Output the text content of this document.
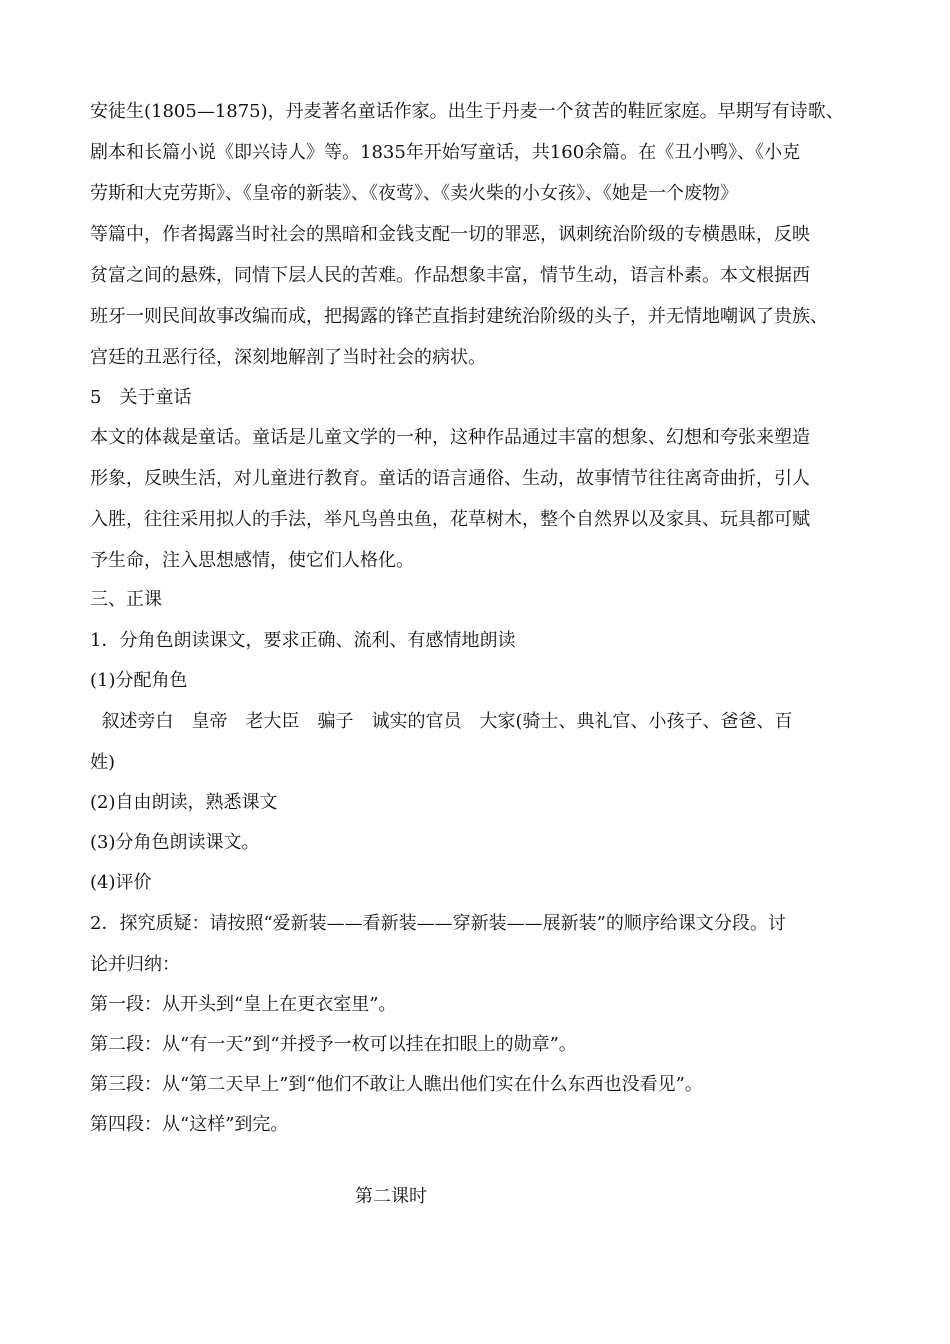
安徒生(1805—1875)，丹麦著名童话作家。出生于丹麦一个贫苦的鞋匠家庭。早期写有诗歌、
剧本和长篇小说《即兴诗人》等。1835年开始写童话，共160余篇。在《丑小鸭》、《小克
劳斯和大克劳斯》、《皇帝的新装》、《夜莺》、《卖火柴的小女孩》、《她是一个废物》
等篇中，作者揭露当时社会的黑暗和金钱支配一切的罪恶，讽刺统治阶级的专横愚昧，反映
贫富之间的悬殊，同情下层人民的苦难。作品想象丰富，情节生动，语言朴素。本文根据西
班牙一则民间故事改编而成，把揭露的锋芒直指封建统治阶级的头子，并无情地嘲讽了贵族、
宫廷的丑恶行径，深刻地解剖了当时社会的病状。
5　关于童话
本文的体裁是童话。童话是儿童文学的一种，这种作品通过丰富的想象、幻想和夸张来塑造
形象，反映生活，对儿童进行教育。童话的语言通俗、生动，故事情节往往离奇曲折，引人
入胜，往往采用拟人的手法，举凡鸟兽虫鱼，花草树木，整个自然界以及家具、玩具都可赋
予生命，注入思想感情，使它们人格化。
三、正课
1．分角色朗读课文，要求正确、流利、有感情地朗读
(1)分配角色
叙述旁白　皇帝　老大臣　骗子　诚实的官员　大家(骑士、典礼官、小孩子、爸爸、百
姓)
(2)自由朗读，熟悉课文
(3)分角色朗读课文。
(4)评价
2．探究质疑：请按照“爱新装——看新装——穿新装——展新装”的顺序给课文分段。讨
论并归纳：
第一段：从开头到“皇上在更衣室里”。
第二段：从“有一天”到“并授予一枚可以挂在扣眼上的勋章”。
第三段：从“第二天早上”到“他们不敢让人瞧出他们实在什么东西也没看见”。
第四段：从“这样”到完。
第二课时
